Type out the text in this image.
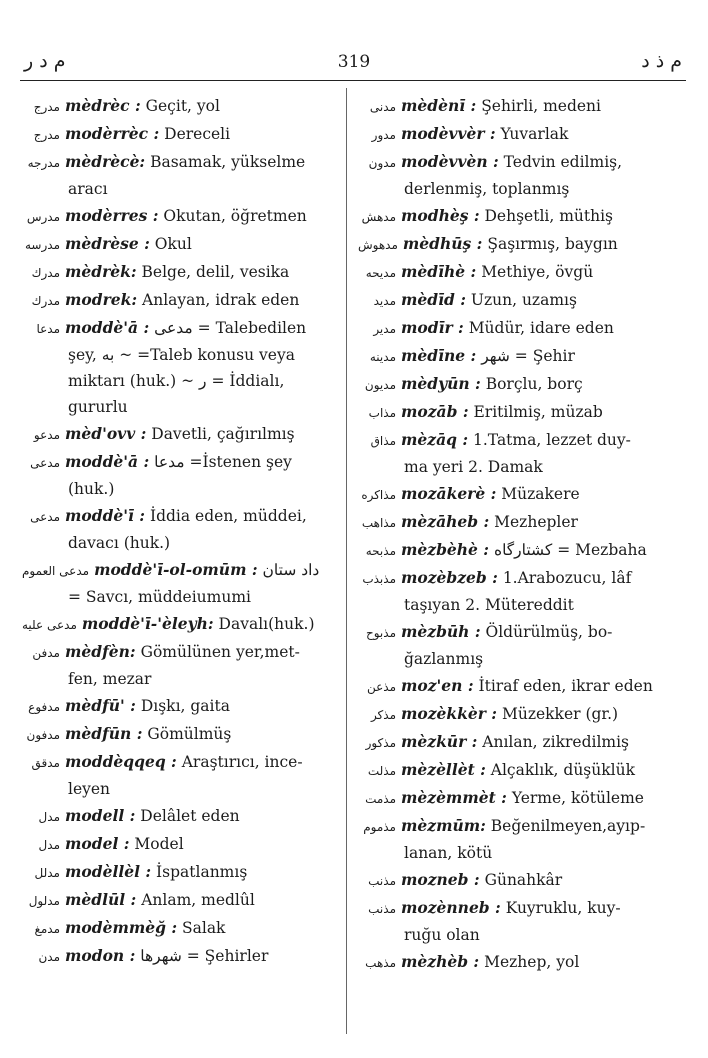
م د ر	319	م ذ د
مدرج mèdrèc : Geçit, yol
مدرج modèrrèc : Dereceli
مدرجه mèdrècè: Basamak, yükselme
aracı
مدرس modèrres : Okutan, öğretmen
مدرسه mèdrèse : Okul
مدرك mèdrèk: Belge, delil, vesika
مدرك modrek: Anlayan, idrak eden
مدعا moddè'ā : مدعى = Talebedilen
şey, به ~ =Taleb konusu veya
miktarı (huk.) ~ ر = İddialı,
gururlu
مدعو mèd'ovv : Davetli, çağırılmış
مدعى moddè'ā : مدعا =İstenen şey
(huk.)
مدعى moddè'ī : İddia eden, müddei,
davacı (huk.)
مدعى العموم moddè'ī-ol-omūm : داد ستان
= Savcı, müddeiumumi
مدعى عليه moddè'ī-'èleyh: Davalı(huk.)
مدفن mèdfèn: Gömülünen yer,met-
fen, mezar
مدفوع mèdfū' : Dışkı, gaita
مدفون mèdfūn : Gömülmüş
مدقق moddèqqeq : Araştırıcı, ince-
leyen
مدل modell : Delâlet eden
مدل model : Model
مدلل modèllèl : İspatlanmış
مدلول mèdlūl : Anlam, medlûl
مدمغ modèmmèğ : Salak
مدن modon : شهرها = Şehirler
مدنى mèdènī : Şehirli, medeni
مدور modèvvèr : Yuvarlak
مدون modèvvèn : Tedvin edilmiş,
derlenmiş, toplanmış
مدهش modhèş : Dehşetli, müthiş
مدهوش mèdhūş : Şaşırmış, baygın
مديحه mèdīhè : Methiye, övgü
مديد mèdīd : Uzun, uzamış
مدير modīr : Müdür, idare eden
مدينه mèdīne : شهر = Şehir
مديون mèdyūn : Borçlu, borç
مذاب mozāb : Eritilmiş, müzab
مذاق mèzāq : 1.Tatma, lezzet duy-
ma yeri 2. Damak
مذاكره mozākerè : Müzakere
مذاهب mèzāheb : Mezhepler
مذبحه mèzbèhè : كشتارگاه = Mezbaha
مذبذب mozèbzeb : 1.Arabozucu, lâf
taşıyan 2. Mütereddit
مذبوح mèzbūh : Öldürülmüş, bo-
ğazlanmış
مذعن moz'en : İtiraf eden, ikrar eden
مذكر mozèkkèr : Müzekker (gr.)
مذكور mèzkūr : Anılan, zikredilmiş
مذلت mèzèllèt : Alçaklık, düşüklük
مذمت mèzèmmèt : Yerme, kötüleme
مذموم mèzmūm: Beğenilmeyen,ayıp-
lanan, kötü
مذنب mozneb : Günahkâr
مذنب mozènneb : Kuyruklu, kuy-
ruğu olan
مذهب mèzhèb : Mezhep, yol
